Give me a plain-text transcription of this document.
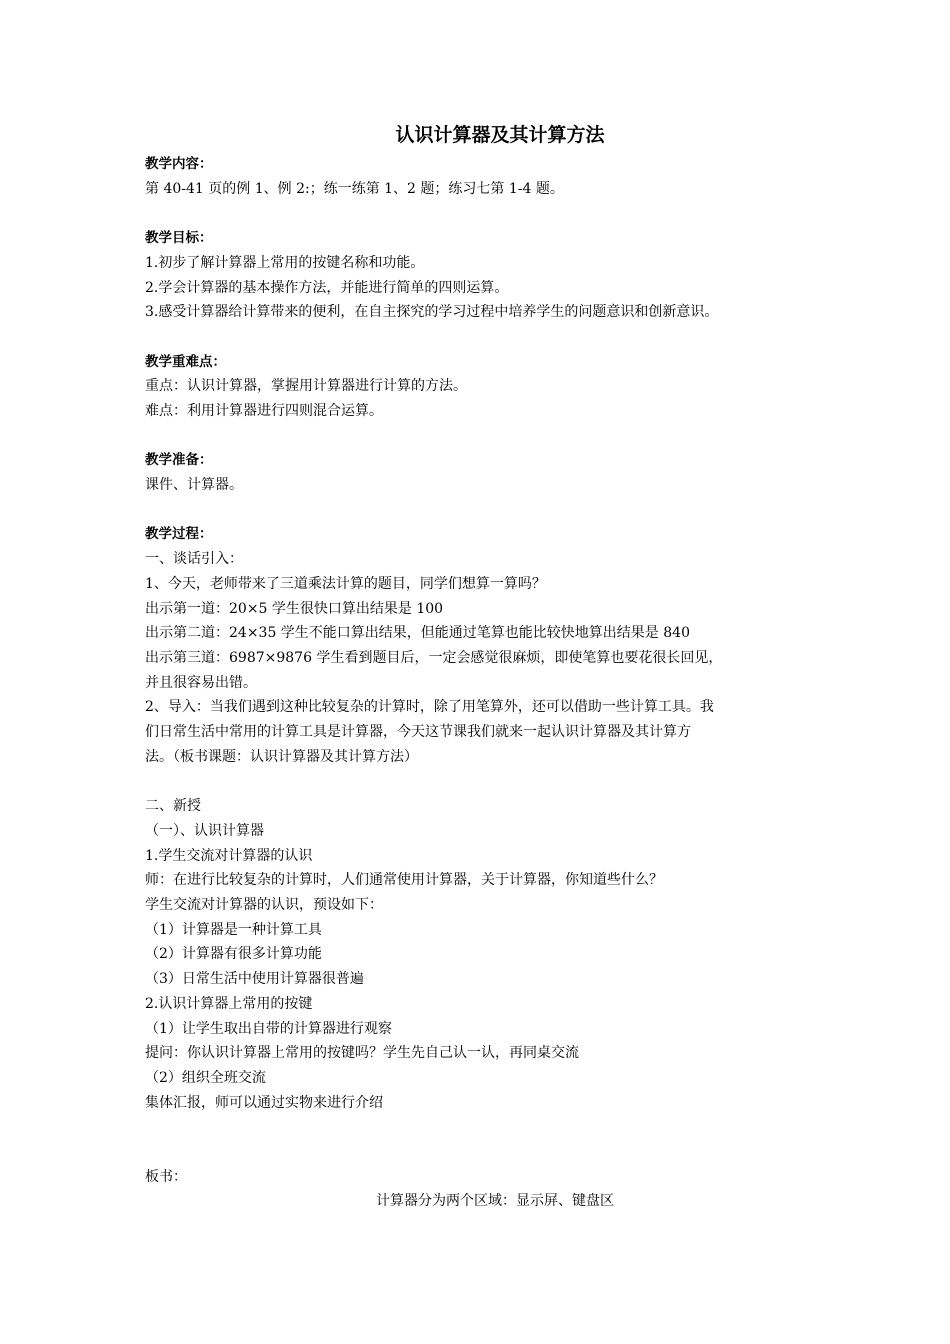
认识计算器及其计算方法

教学内容：

第 40-41 页的例 1、例 2:；练一练第 1、2 题；练习七第 1-4 题。

教学目标：

1.初步了解计算器上常用的按键名称和功能。

2.学会计算器的基本操作方法，并能进行简单的四则运算。

3.感受计算器给计算带来的便利，在自主探究的学习过程中培养学生的问题意识和创新意识。

教学重难点：

重点：认识计算器，掌握用计算器进行计算的方法。

难点：利用计算器进行四则混合运算。

教学准备：

课件、计算器。

教学过程：

一、谈话引入：

1、今天，老师带来了三道乘法计算的题目，同学们想算一算吗？

出示第一道：20×5 学生很快口算出结果是 100

出示第二道：24×35 学生不能口算出结果，但能通过笔算也能比较快地算出结果是 840

出示第三道：6987×9876 学生看到题目后，一定会感觉很麻烦，即使笔算也要花很长回见，

并且很容易出错。

2、导入：当我们遇到这种比较复杂的计算时，除了用笔算外，还可以借助一些计算工具。我

们日常生活中常用的计算工具是计算器，今天这节课我们就来一起认识计算器及其计算方

法。（板书课题：认识计算器及其计算方法）

二、新授

（一）、认识计算器

1.学生交流对计算器的认识

师：在进行比较复杂的计算时，人们通常使用计算器，关于计算器，你知道些什么？

学生交流对计算器的认识，预设如下：

（1）计算器是一种计算工具

（2）计算器有很多计算功能

（3）日常生活中使用计算器很普遍

2.认识计算器上常用的按键

（1）让学生取出自带的计算器进行观察

提问：你认识计算器上常用的按键吗？学生先自己认一认，再同桌交流

（2）组织全班交流

集体汇报，师可以通过实物来进行介绍

板书：

计算器分为两个区域：显示屏、键盘区
